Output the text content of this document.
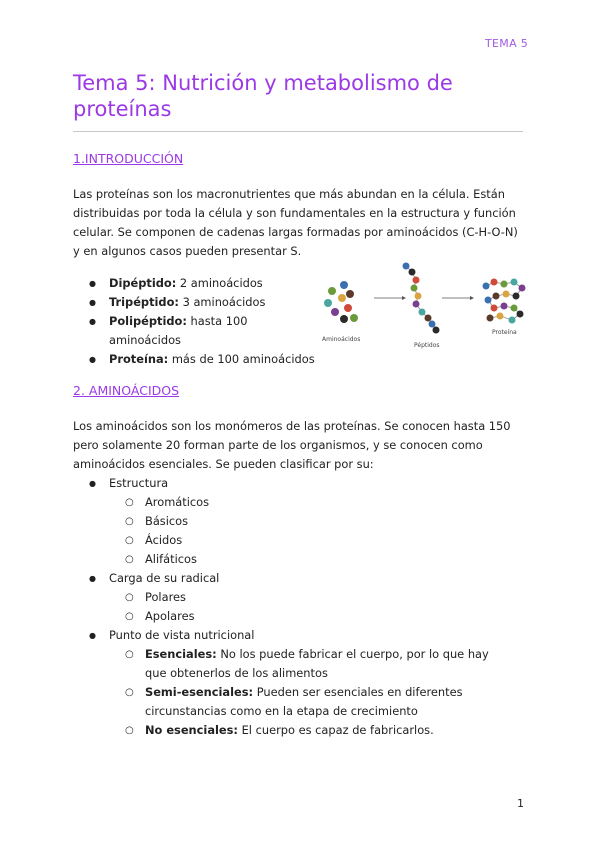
TEMA 5
Tema 5: Nutrición y metabolismo de proteínas
1.INTRODUCCIÓN

Las proteínas son los macronutrientes que más abundan en la célula. Están distribuidas por toda la célula y son fundamentales en la estructura y función celular. Se componen de cadenas largas formadas por aminoácidos (C-H-O-N) y en algunos casos pueden presentar S.

● Dipéptido: 2 aminoácidos
● Tripéptido: 3 aminoácidos
● Polipéptido: hasta 100 aminoácidos
● Proteína: más de 100 aminoácidos
Aminoácidos
Péptidos
Proteína
2. AMINOÁCIDOS

Los aminoácidos son los monómeros de las proteínas. Se conocen hasta 150 pero solamente 20 forman parte de los organismos, y se conocen como aminoácidos esenciales. Se pueden clasificar por su:

● Estructura
○ Aromáticos
○ Básicos
○ Ácidos
○ Alifáticos
● Carga de su radical
○ Polares
○ Apolares
● Punto de vista nutricional
○ Esenciales: No los puede fabricar el cuerpo, por lo que hay que obtenerlos de los alimentos
○ Semi-esenciales: Pueden ser esenciales en diferentes circunstancias como en la etapa de crecimiento
○ No esenciales: El cuerpo es capaz de fabricarlos.
1
